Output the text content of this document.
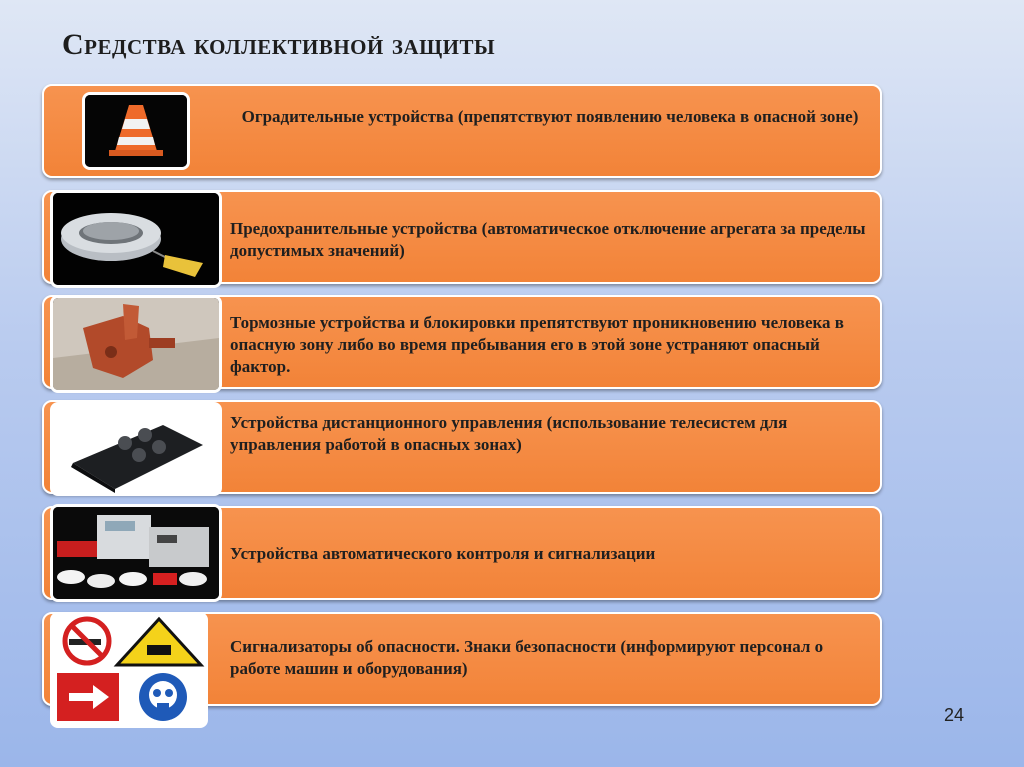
Средства коллективной защиты
Оградительные устройства (препятствуют появлению человека в опасной зоне)
Предохранительные устройства (автоматическое отключение агрегата за пределы допустимых значений)
Тормозные устройства и блокировки препятствуют проникновению человека в опасную зону либо во время пребывания его в этой зоне устраняют опасный фактор.
Устройства дистанционного управления (использование телесистем для управления работой в опасных зонах)
Устройства автоматического контроля и сигнализации
Сигнализаторы об опасности. Знаки безопасности (информируют персонал о работе машин и оборудования)
24
